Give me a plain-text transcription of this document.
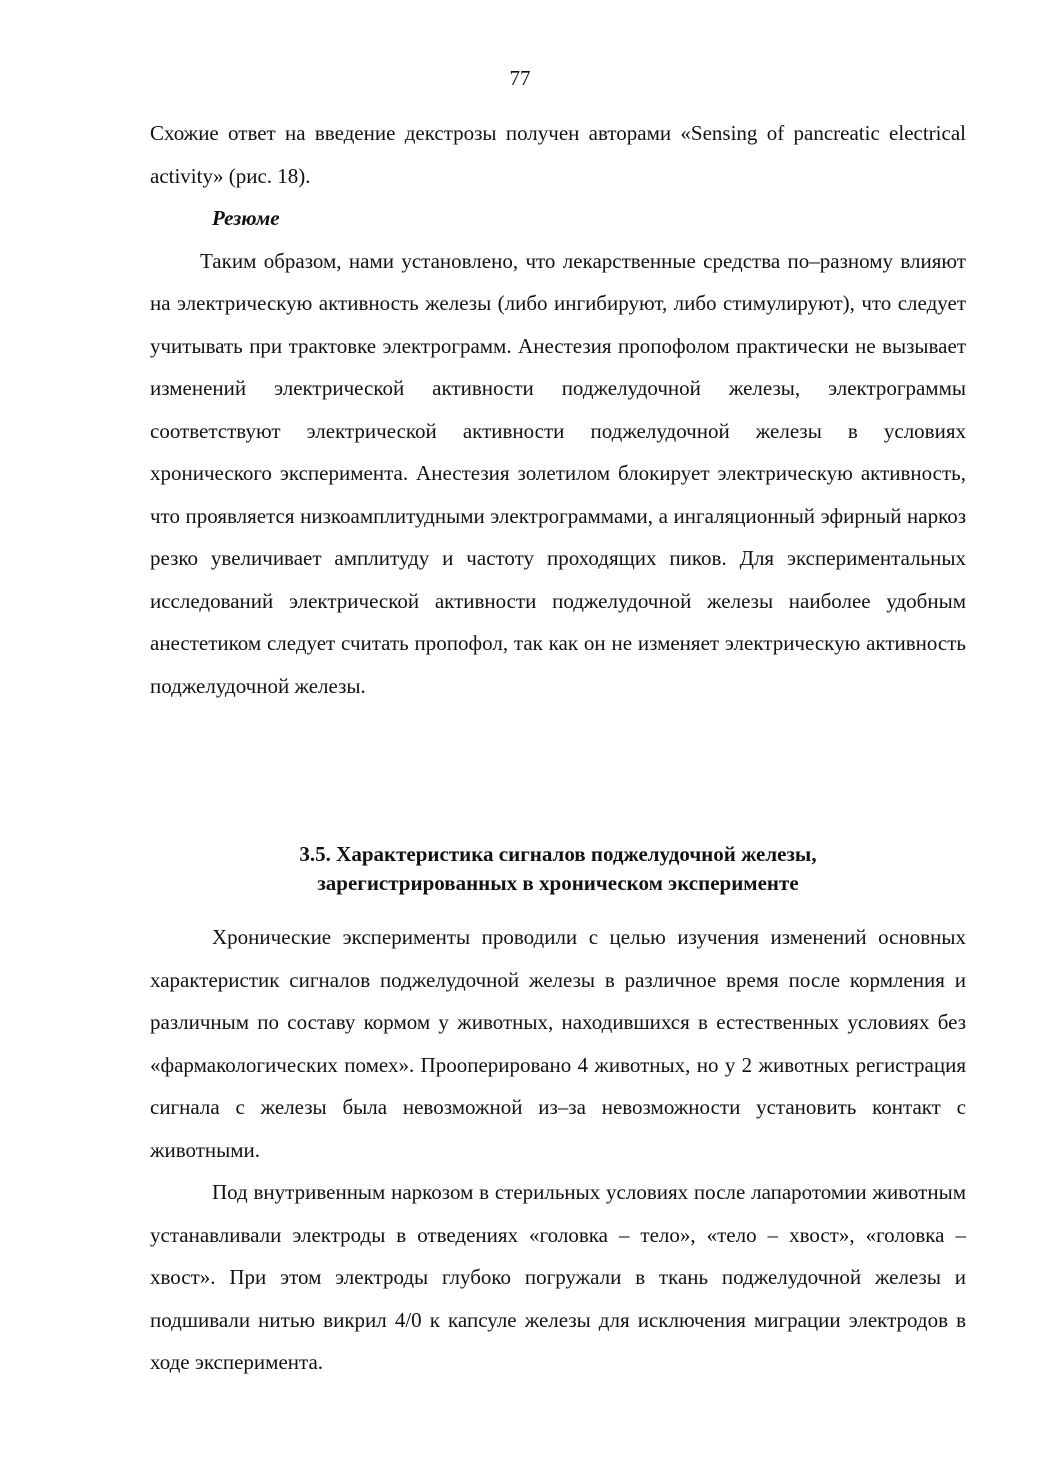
77

Схожие ответ на введение декстрозы получен авторами «Sensing of pancreatic electrical activity» (рис. 18).

Резюме

Таким образом, нами установлено, что лекарственные средства по–разному влияют на электрическую активность железы (либо ингибируют, либо стимулируют), что следует учитывать при трактовке электрограмм. Анестезия пропофолом практически не вызывает изменений электрической активности поджелудочной железы, электрограммы соответствуют электрической активности поджелудочной железы в условиях хронического эксперимента. Анестезия золетилом блокирует электрическую активность, что проявляется низкоамплитудными электрограммами, а ингаляционный эфирный наркоз резко увеличивает амплитуду и частоту проходящих пиков. Для экспериментальных исследований электрической активности поджелудочной железы наиболее удобным анестетиком следует считать пропофол, так как он не изменяет электрическую активность поджелудочной железы.

3.5. Характеристика сигналов поджелудочной железы,
зарегистрированных в хроническом эксперименте

Хронические эксперименты проводили с целью изучения изменений основных характеристик сигналов поджелудочной железы в различное время после кормления и различным по составу кормом у животных, находившихся в естественных условиях без «фармакологических помех». Прооперировано 4 животных, но у 2 животных регистрация сигнала с железы была невозможной из–за невозможности установить контакт с животными.

Под внутривенным наркозом в стерильных условиях после лапаротомии животным устанавливали электроды в отведениях «головка – тело», «тело – хвост», «головка – хвост». При этом электроды глубоко погружали в ткань поджелудочной железы и подшивали нитью викрил 4/0 к капсуле железы для исключения миграции электродов в ходе эксперимента.
